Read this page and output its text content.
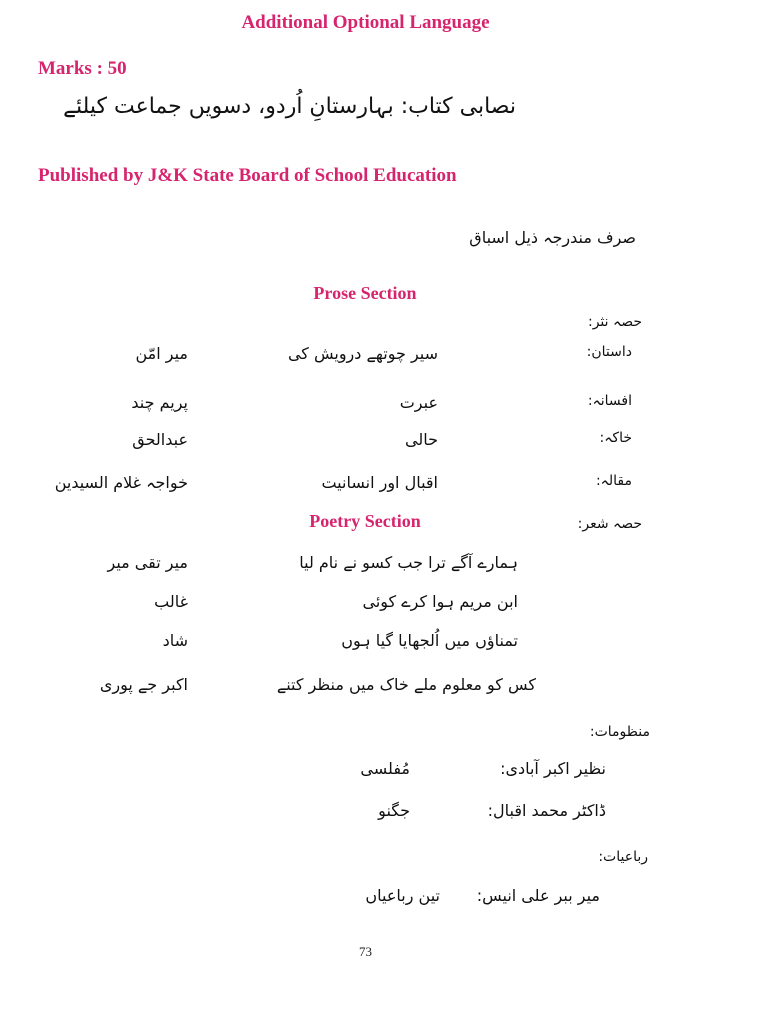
Additional Optional Language
Marks : 50
نصابی کتاب: بہارستانِ اُردو، دسویں جماعت کیلئے
Published by J&K State Board of School Education
صرف مندرجہ ذیل اسباق
Prose Section
حصہ نثر:
داستان:
سیر چوتھے درویش کی
میر امّن
افسانہ:
عبرت
پریم چند
خاکہ:
حالی
عبدالحق
مقالہ:
اقبال اور انسانیت
خواجہ غلام السیدین
Poetry Section	حصہ شعر:
ہمارے آگے ترا جب کسو نے نام لیا
میر تقی میر
ابن مریم ہوا کرے کوئی
غالب
تمناؤں میں اُلجھایا گیا ہوں
شاد
کس کو معلوم ملے خاک میں منظر کتنے
اکبر جے پوری
منظومات:
نظیر اکبر آبادی:
مُفلسی
ڈاکٹر محمد اقبال:
جگنو
رباعیات:
میر ببر علی انیس:
تین رباعیاں
73
